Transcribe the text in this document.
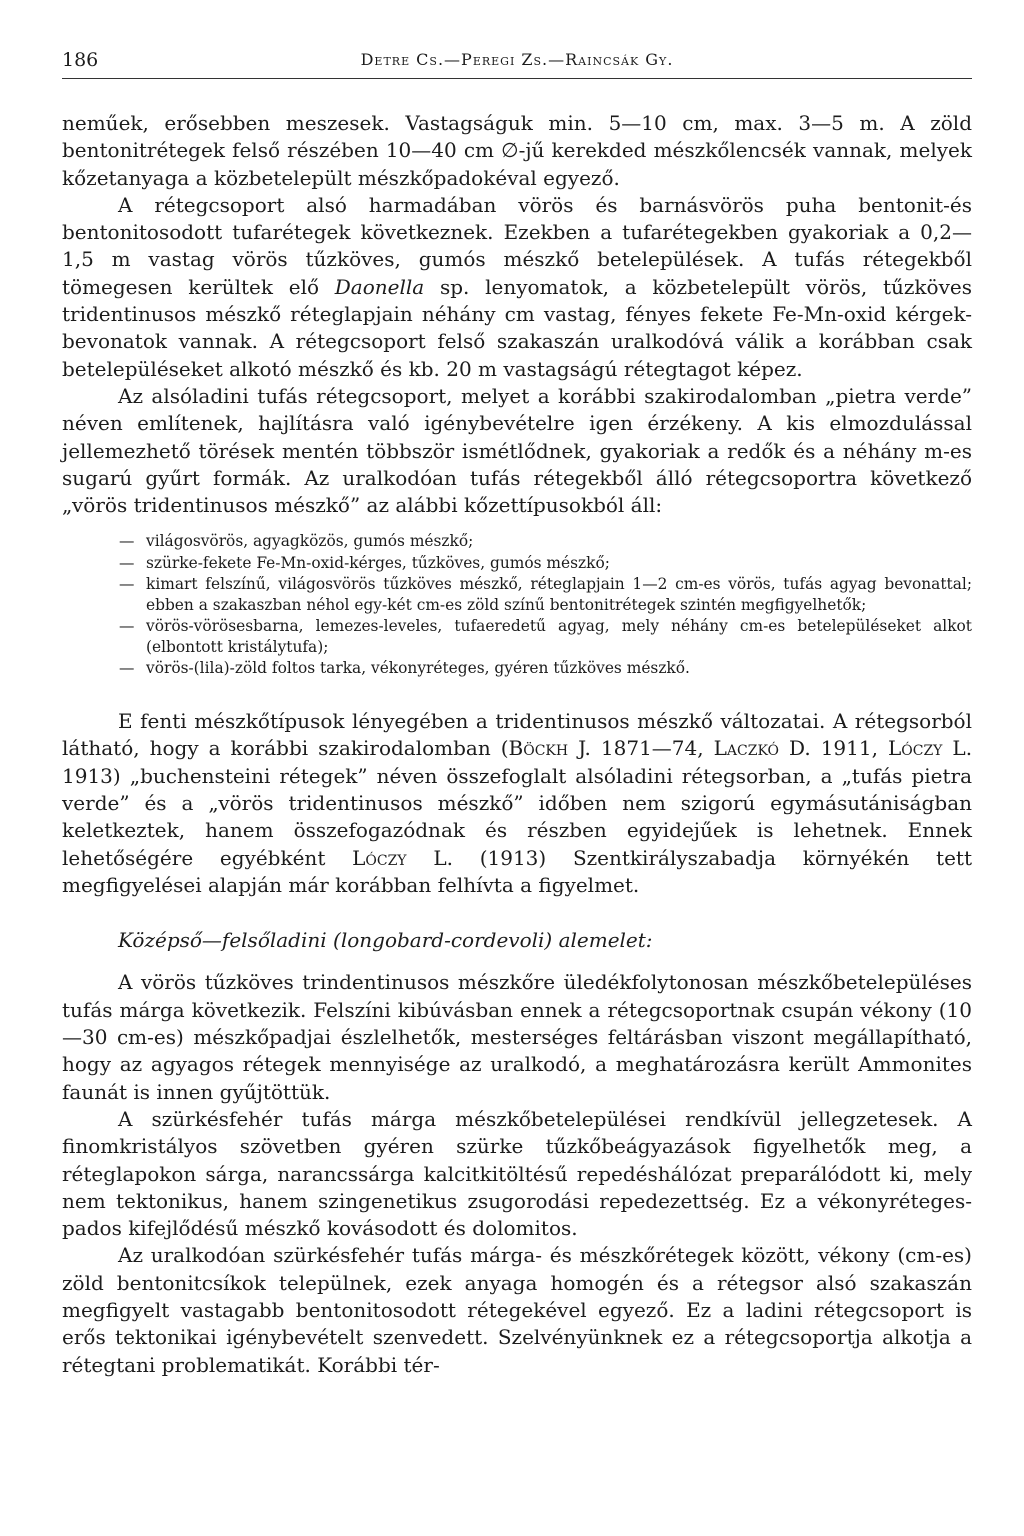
186	Detre Cs.—Peregi Zs.—Raincsák Gy.

neműek, erősebben meszesek. Vastagságuk min. 5—10 cm, max. 3—5 m. A zöld bentonitrétegek felső részében 10—40 cm ∅-jű kerekded mészkőlencsék vannak, melyek kőzetanyaga a közbetelepült mészkőpadokéval egyező.

A rétegcsoport alsó harmadában vörös és barnásvörös puha bentonit-és bentonitosodott tufarétegek következnek. Ezekben a tufarétegekben gyakoriak a 0,2—1,5 m vastag vörös tűzköves, gumós mészkő betelepülések. A tufás rétegekből tömegesen kerültek elő Daonella sp. lenyomatok, a közbetelepült vörös, tűzköves tridentinusos mészkő réteglapjain néhány cm vastag, fényes fekete Fe-Mn-oxid kérgek-bevonatok vannak. A rétegcsoport felső szakaszán uralkodóvá válik a korábban csak betelepüléseket alkotó mészkő és kb. 20 m vastagságú rétegtagot képez.

Az alsóladini tufás rétegcsoport, melyet a korábbi szakirodalomban „pietra verde” néven említenek, hajlításra való igénybevételre igen érzékeny. A kis elmozdulással jellemezhető törések mentén többször ismétlődnek, gyakoriak a redők és a néhány m-es sugarú gyűrt formák. Az uralkodóan tufás rétegekből álló rétegcsoportra következő „vörös tridentinusos mészkő” az alábbi kőzettípusokból áll:

— világosvörös, agyagközös, gumós mészkő;
— szürke-fekete Fe-Mn-oxid-kérges, tűzköves, gumós mészkő;
— kimart felszínű, világosvörös tűzköves mészkő, réteglapjain 1—2 cm-es vörös, tufás agyag bevonattal; ebben a szakaszban néhol egy-két cm-es zöld színű bentonitrétegek szintén megfigyelhetők;
— vörös-vörösesbarna, lemezes-leveles, tufaeredetű agyag, mely néhány cm-es betelepüléseket alkot (elbontott kristálytufa);
— vörös-(lila)-zöld foltos tarka, vékonyréteges, gyéren tűzköves mészkő.

E fenti mészkőtípusok lényegében a tridentinusos mészkő változatai. A rétegsorból látható, hogy a korábbi szakirodalomban (Böckh J. 1871—74, Laczkó D. 1911, Lóczy L. 1913) „buchensteini rétegek” néven összefoglalt alsóladini rétegsorban, a „tufás pietra verde” és a „vörös tridentinusos mészkő” időben nem szigorú egymásutániságban keletkeztek, hanem összefogazódnak és részben egyidejűek is lehetnek. Ennek lehetőségére egyébként Lóczy L. (1913) Szentkirályszabadja környékén tett megfigyelései alapján már korábban felhívta a figyelmet.

Középső—felsőladini (longobard-cordevoli) alemelet:

A vörös tűzköves trindentinusos mészkőre üledékfolytonosan mészkőbetelepüléses tufás márga következik. Felszíni kibúvásban ennek a rétegcsoportnak csupán vékony (10—30 cm-es) mészkőpadjai észlelhetők, mesterséges feltárásban viszont megállapítható, hogy az agyagos rétegek mennyisége az uralkodó, a meghatározásra került Ammonites faunát is innen gyűjtöttük.

A szürkésfehér tufás márga mészkőbetelepülései rendkívül jellegzetesek. A finomkristályos szövetben gyéren szürke tűzkőbeágyazások figyelhetők meg, a réteglapokon sárga, narancssárga kalcitkitöltésű repedéshálózat preparálódott ki, mely nem tektonikus, hanem szingenetikus zsugorodási repedezettség. Ez a vékonyréteges-pados kifejlődésű mészkő kovásodott és dolomitos.

Az uralkodóan szürkésfehér tufás márga- és mészkőrétegek között, vékony (cm-es) zöld bentonitcsíkok települnek, ezek anyaga homogén és a rétegsor alsó szakaszán megfigyelt vastagabb bentonitosodott rétegekével egyező. Ez a ladini rétegcsoport is erős tektonikai igénybevételt szenvedett. Szelvényünknek ez a rétegcsoportja alkotja a rétegtani problematikát. Korábbi tér-
